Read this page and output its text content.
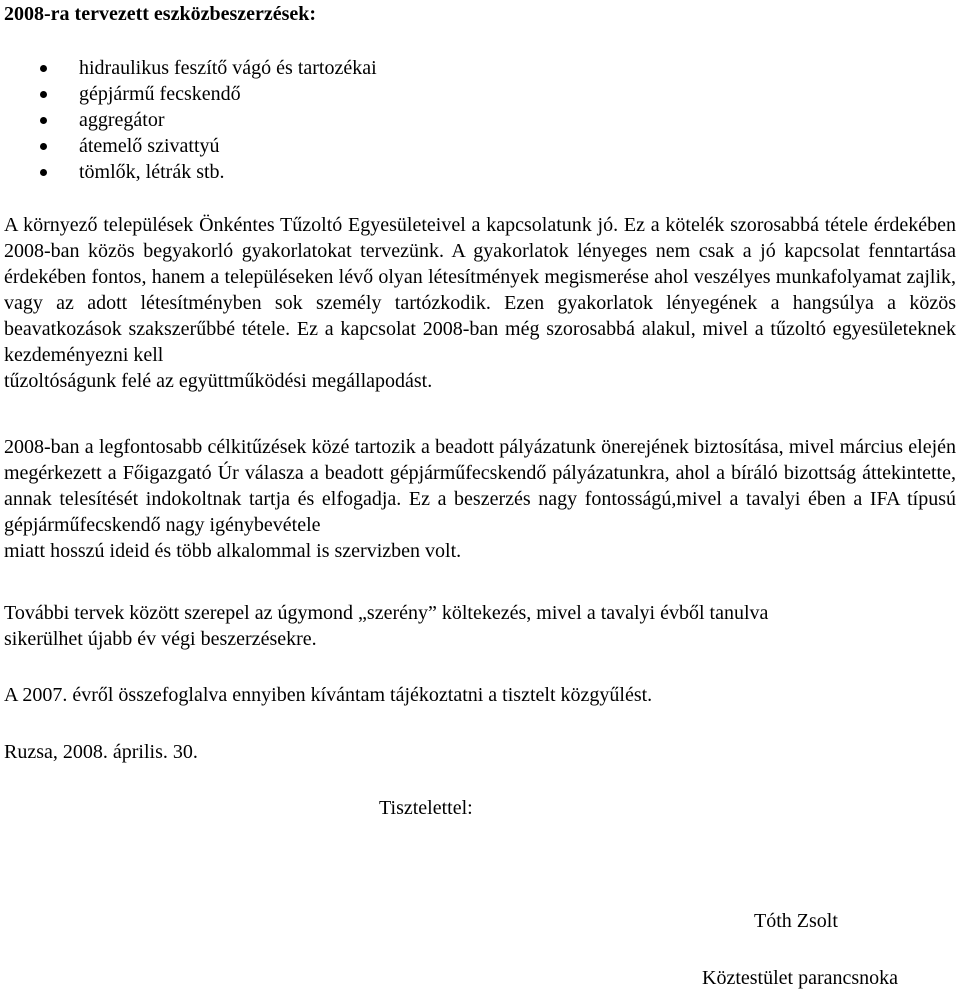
2008-ra tervezett eszközbeszerzések:
hidraulikus feszítő vágó és tartozékai
gépjármű fecskendő
aggregátor
átemelő szivattyú
tömlők, létrák stb.

A környező települések Önkéntes Tűzoltó Egyesületeivel a kapcsolatunk jó. Ez a kötelék szorosabbá tétele érdekében 2008-ban közös begyakorló gyakorlatokat tervezünk. A gyakorlatok lényeges nem csak a jó kapcsolat fenntartása érdekében fontos, hanem a településeken lévő olyan létesítmények megismerése ahol veszélyes munkafolyamat zajlik, vagy az adott létesítményben sok személy tartózkodik. Ezen gyakorlatok lényegének a hangsúlya a közös beavatkozások szakszerűbbé tétele. Ez a kapcsolat 2008-ban még szorosabbá alakul, mivel a tűzoltó egyesületeknek kezdeményezni kell
tűzoltóságunk felé az együttműködési megállapodást.

2008-ban a legfontosabb célkitűzések közé tartozik a beadott pályázatunk önerejének biztosítása, mivel március elején megérkezett a Főigazgató Úr válasza a beadott gépjárműfecskendő pályázatunkra, ahol a bíráló bizottság áttekintette, annak telesítését indokoltnak tartja és elfogadja. Ez a beszerzés nagy fontosságú,mivel a tavalyi ében a IFA típusú gépjárműfecskendő nagy igénybevétele
miatt hosszú ideid és több alkalommal is szervizben volt.

További tervek között szerepel az úgymond „szerény” költekezés, mivel a tavalyi évből tanulva
sikerülhet újabb év végi beszerzésekre.

A 2007. évről összefoglalva ennyiben kívántam tájékoztatni a tisztelt közgyűlést.

Ruzsa, 2008. április. 30.

Tisztelettel:

Tóth Zsolt

Köztestület parancsnoka
